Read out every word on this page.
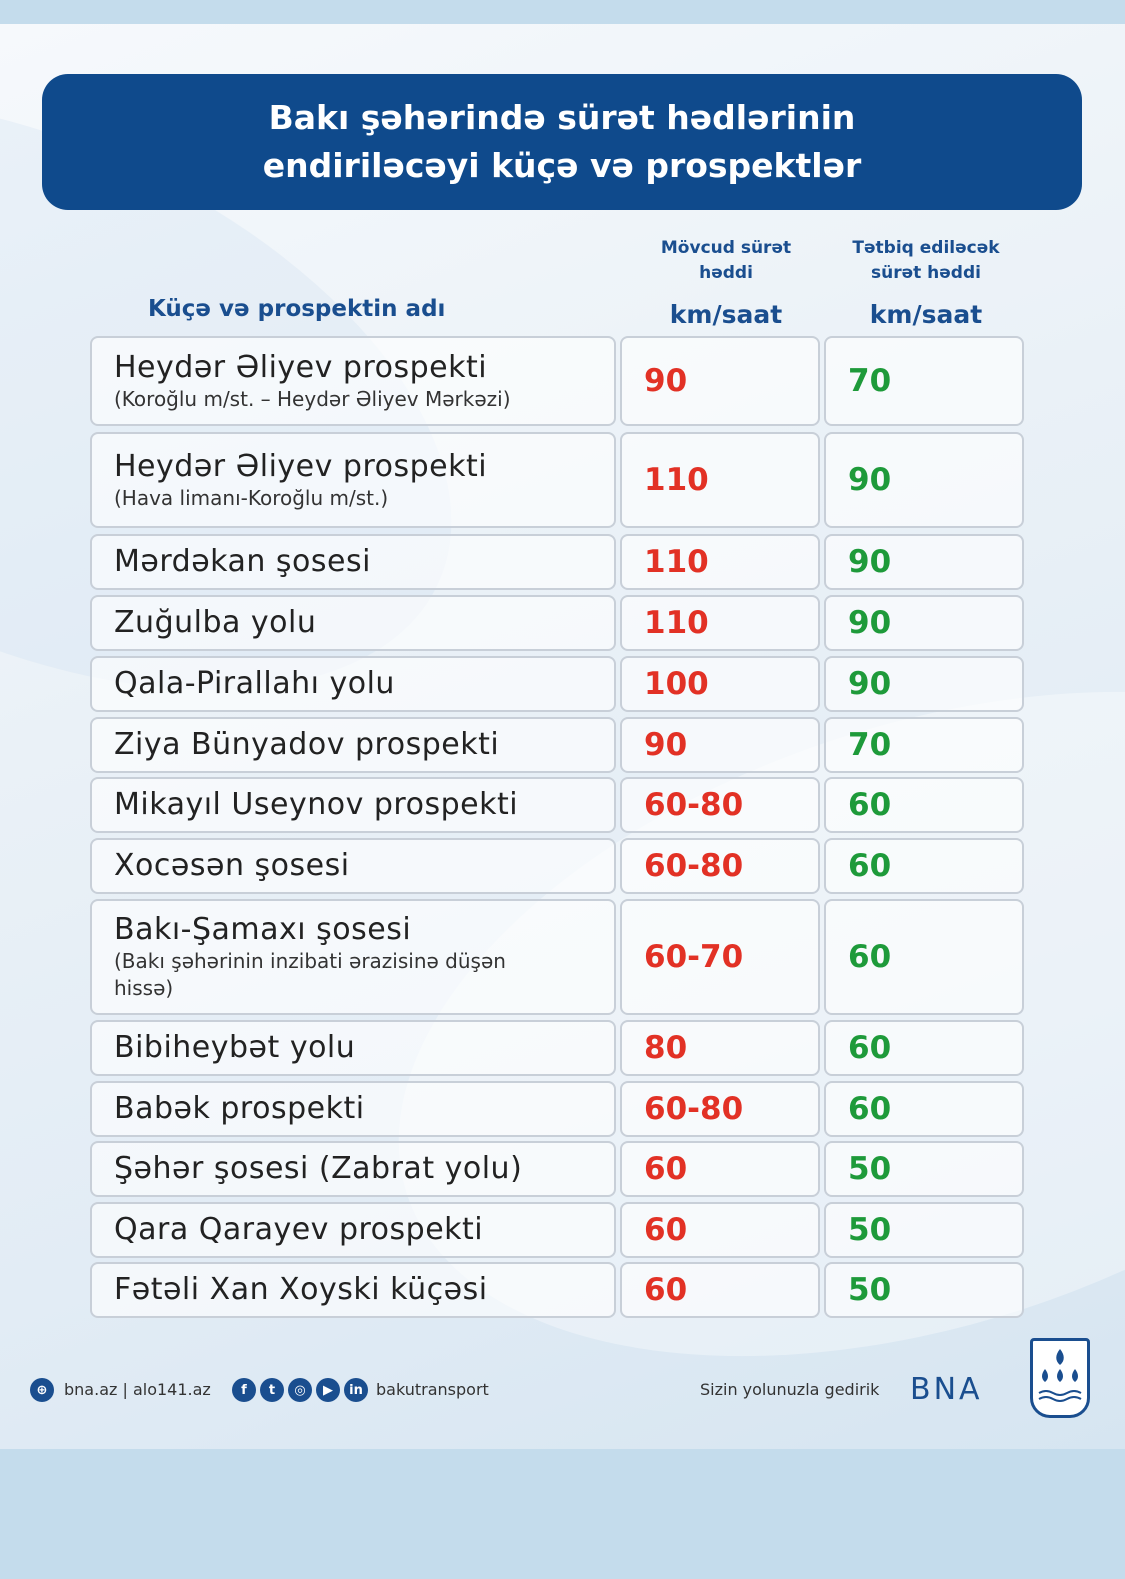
Bakı şəhərində sürət hədlərinin
endiriləcəyi küçə və prospektlər
Mövcud sürət
həddi
km/saat
Tətbiq ediləcək
sürət həddi
km/saat
Küçə və prospektin adı
Heydər Əliyev prospekti
(Koroğlu m/st. – Heydər Əliyev Mərkəzi)	90	70
Heydər Əliyev prospekti
(Hava limanı-Koroğlu m/st.)	110	90
Mərdəkan şosesi	110	90
Zuğulba yolu	110	90
Qala-Pirallahı yolu	100	90
Ziya Bünyadov prospekti	90	70
Mikayıl Useynov prospekti	60-80	60
Xocəsən şosesi	60-80	60
Bakı-Şamaxı şosesi
(Bakı şəhərinin inzibati ərazisinə düşən hissə)
60-70	60
Bibiheybət yolu	80	60
Babək prospekti	60-80	60
Şəhər şosesi (Zabrat yolu)	60	50
Qara Qarayev prospekti	60	50
Fətəli Xan Xoyski küçəsi	60	50
⊕	bna.az | alo141.az	f	t	◎	▶	in bakutransport	Sizin yolunuzla gedirik BNA
